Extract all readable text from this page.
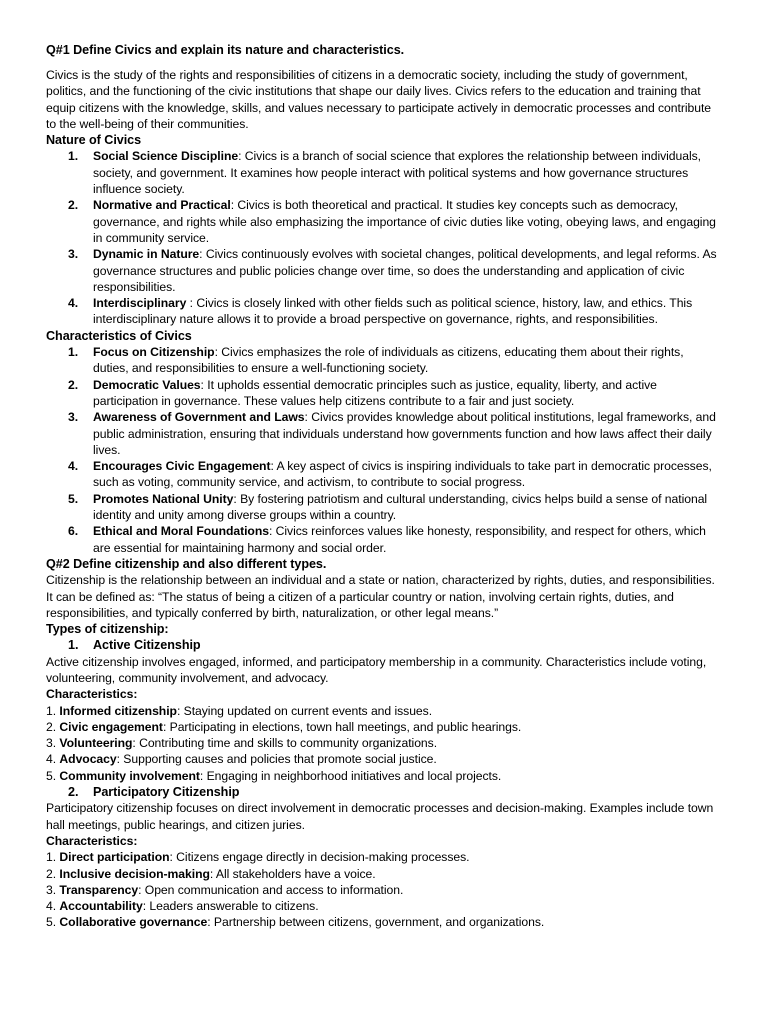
Q#1 Define Civics and explain its nature and characteristics.

Civics is the study of the rights and responsibilities of citizens in a democratic society, including the study of government, politics, and the functioning of the civic institutions that shape our daily lives. Civics refers to the education and training that equip citizens with the knowledge, skills, and values necessary to participate actively in democratic processes and contribute to the well-being of their communities.

Nature of Civics
1. Social Science Discipline: Civics is a branch of social science that explores the relationship between individuals, society, and government. It examines how people interact with political systems and how governance structures influence society.
2. Normative and Practical: Civics is both theoretical and practical. It studies key concepts such as democracy, governance, and rights while also emphasizing the importance of civic duties like voting, obeying laws, and engaging in community service.
3. Dynamic in Nature: Civics continuously evolves with societal changes, political developments, and legal reforms. As governance structures and public policies change over time, so does the understanding and application of civic responsibilities.
4. Interdisciplinary : Civics is closely linked with other fields such as political science, history, law, and ethics. This interdisciplinary nature allows it to provide a broad perspective on governance, rights, and responsibilities.
Characteristics of Civics
1. Focus on Citizenship: Civics emphasizes the role of individuals as citizens, educating them about their rights, duties, and responsibilities to ensure a well-functioning society.
2. Democratic Values: It upholds essential democratic principles such as justice, equality, liberty, and active participation in governance. These values help citizens contribute to a fair and just society.
3. Awareness of Government and Laws: Civics provides knowledge about political institutions, legal frameworks, and public administration, ensuring that individuals understand how governments function and how laws affect their daily lives.
4. Encourages Civic Engagement: A key aspect of civics is inspiring individuals to take part in democratic processes, such as voting, community service, and activism, to contribute to social progress.
5. Promotes National Unity: By fostering patriotism and cultural understanding, civics helps build a sense of national identity and unity among diverse groups within a country.
6. Ethical and Moral Foundations: Civics reinforces values like honesty, responsibility, and respect for others, which are essential for maintaining harmony and social order.
Q#2 Define citizenship and also different types.

Citizenship is the relationship between an individual and a state or nation, characterized by rights, duties, and responsibilities. It can be defined as: “The status of being a citizen of a particular country or nation, involving certain rights, duties, and responsibilities, and typically conferred by birth, naturalization, or other legal means.”

Types of citizenship:
1. Active Citizenship

Active citizenship involves engaged, informed, and participatory membership in a community. Characteristics include voting, volunteering, community involvement, and advocacy.

Characteristics:

1. Informed citizenship: Staying updated on current events and issues.

2. Civic engagement: Participating in elections, town hall meetings, and public hearings.

3. Volunteering: Contributing time and skills to community organizations.

4. Advocacy: Supporting causes and policies that promote social justice.

5. Community involvement: Engaging in neighborhood initiatives and local projects.

2. Participatory Citizenship

Participatory citizenship focuses on direct involvement in democratic processes and decision-making. Examples include town hall meetings, public hearings, and citizen juries.

Characteristics:

1. Direct participation: Citizens engage directly in decision-making processes.

2. Inclusive decision-making: All stakeholders have a voice.

3. Transparency: Open communication and access to information.

4. Accountability: Leaders answerable to citizens.

5. Collaborative governance: Partnership between citizens, government, and organizations.
